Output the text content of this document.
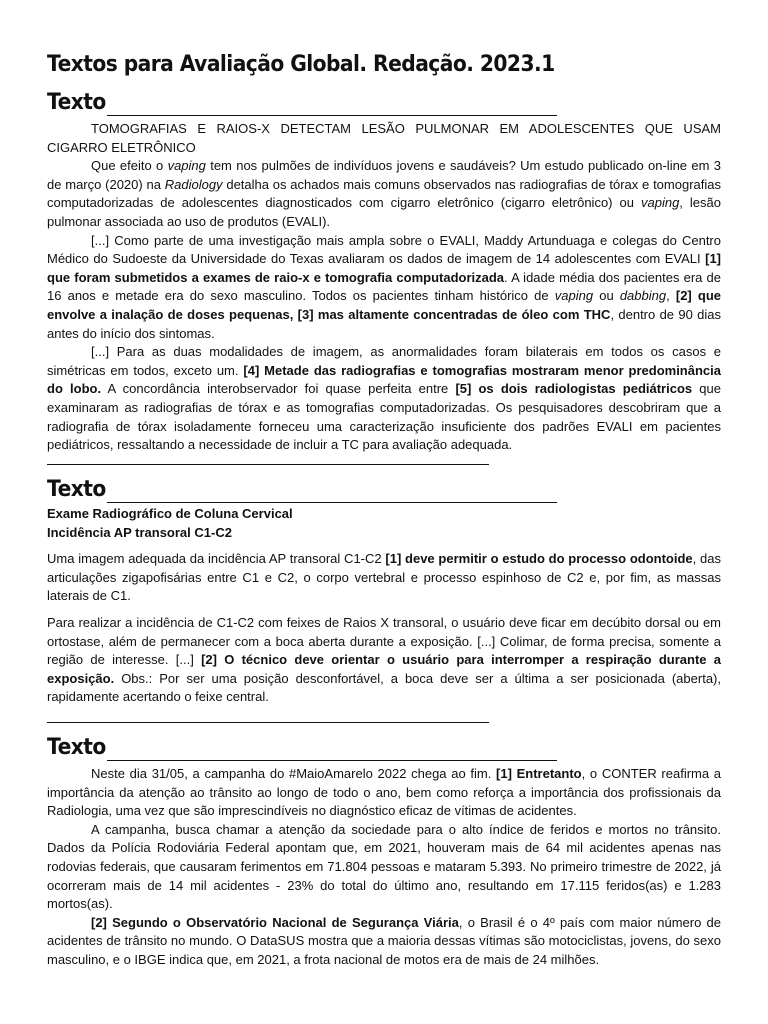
Textos para Avaliação Global. Redação. 2023.1
Texto

TOMOGRAFIAS E RAIOS-X DETECTAM LESÃO PULMONAR EM ADOLESCENTES QUE USAM CIGARRO ELETRÔNICO

Que efeito o vaping tem nos pulmões de indivíduos jovens e saudáveis? Um estudo publicado on-line em 3 de março (2020) na Radiology detalha os achados mais comuns observados nas radiografias de tórax e tomografias computadorizadas de adolescentes diagnosticados com cigarro eletrônico (cigarro eletrônico) ou vaping, lesão pulmonar associada ao uso de produtos (EVALI).

[...] Como parte de uma investigação mais ampla sobre o EVALI, Maddy Artunduaga e colegas do Centro Médico do Sudoeste da Universidade do Texas avaliaram os dados de imagem de 14 adolescentes com EVALI [1] que foram submetidos a exames de raio-x e tomografia computadorizada. A idade média dos pacientes era de 16 anos e metade era do sexo masculino. Todos os pacientes tinham histórico de vaping ou dabbing, [2] que envolve a inalação de doses pequenas, [3] mas altamente concentradas de óleo com THC, dentro de 90 dias antes do início dos sintomas.

[...] Para as duas modalidades de imagem, as anormalidades foram bilaterais em todos os casos e simétricas em todos, exceto um. [4] Metade das radiografias e tomografias mostraram menor predominância do lobo. A concordância interobservador foi quase perfeita entre [5] os dois radiologistas pediátricos que examinaram as radiografias de tórax e as tomografias computadorizadas. Os pesquisadores descobriram que a radiografia de tórax isoladamente forneceu uma caracterização insuficiente dos padrões EVALI em pacientes pediátricos, ressaltando a necessidade de incluir a TC para avaliação adequada.

Texto

Exame Radiográfico de Coluna Cervical

Incidência AP transoral C1-C2

Uma imagem adequada da incidência AP transoral C1-C2 [1] deve permitir o estudo do processo odontoide, das articulações zigapofisárias entre C1 e C2, o corpo vertebral e processo espinhoso de C2 e, por fim, as massas laterais de C1.

Para realizar a incidência de C1-C2 com feixes de Raios X transoral, o usuário deve ficar em decúbito dorsal ou em ortostase, além de permanecer com a boca aberta durante a exposição. [...] Colimar, de forma precisa, somente a região de interesse. [...] [2] O técnico deve orientar o usuário para interromper a respiração durante a exposição. Obs.: Por ser uma posição desconfortável, a boca deve ser a última a ser posicionada (aberta), rapidamente acertando o feixe central.

Texto

Neste dia 31/05, a campanha do #MaioAmarelo 2022 chega ao fim. [1] Entretanto, o CONTER reafirma a importância da atenção ao trânsito ao longo de todo o ano, bem como reforça a importância dos profissionais da Radiologia, uma vez que são imprescindíveis no diagnóstico eficaz de vítimas de acidentes.

A campanha, busca chamar a atenção da sociedade para o alto índice de feridos e mortos no trânsito. Dados da Polícia Rodoviária Federal apontam que, em 2021, houveram mais de 64 mil acidentes apenas nas rodovias federais, que causaram ferimentos em 71.804 pessoas e mataram 5.393. No primeiro trimestre de 2022, já ocorreram mais de 14 mil acidentes - 23% do total do último ano, resultando em 17.115 feridos(as) e 1.283 mortos(as).

[2] Segundo o Observatório Nacional de Segurança Viária, o Brasil é o 4º país com maior número de acidentes de trânsito no mundo. O DataSUS mostra que a maioria dessas vítimas são motociclistas, jovens, do sexo masculino, e o IBGE indica que, em 2021, a frota nacional de motos era de mais de 24 milhões.
